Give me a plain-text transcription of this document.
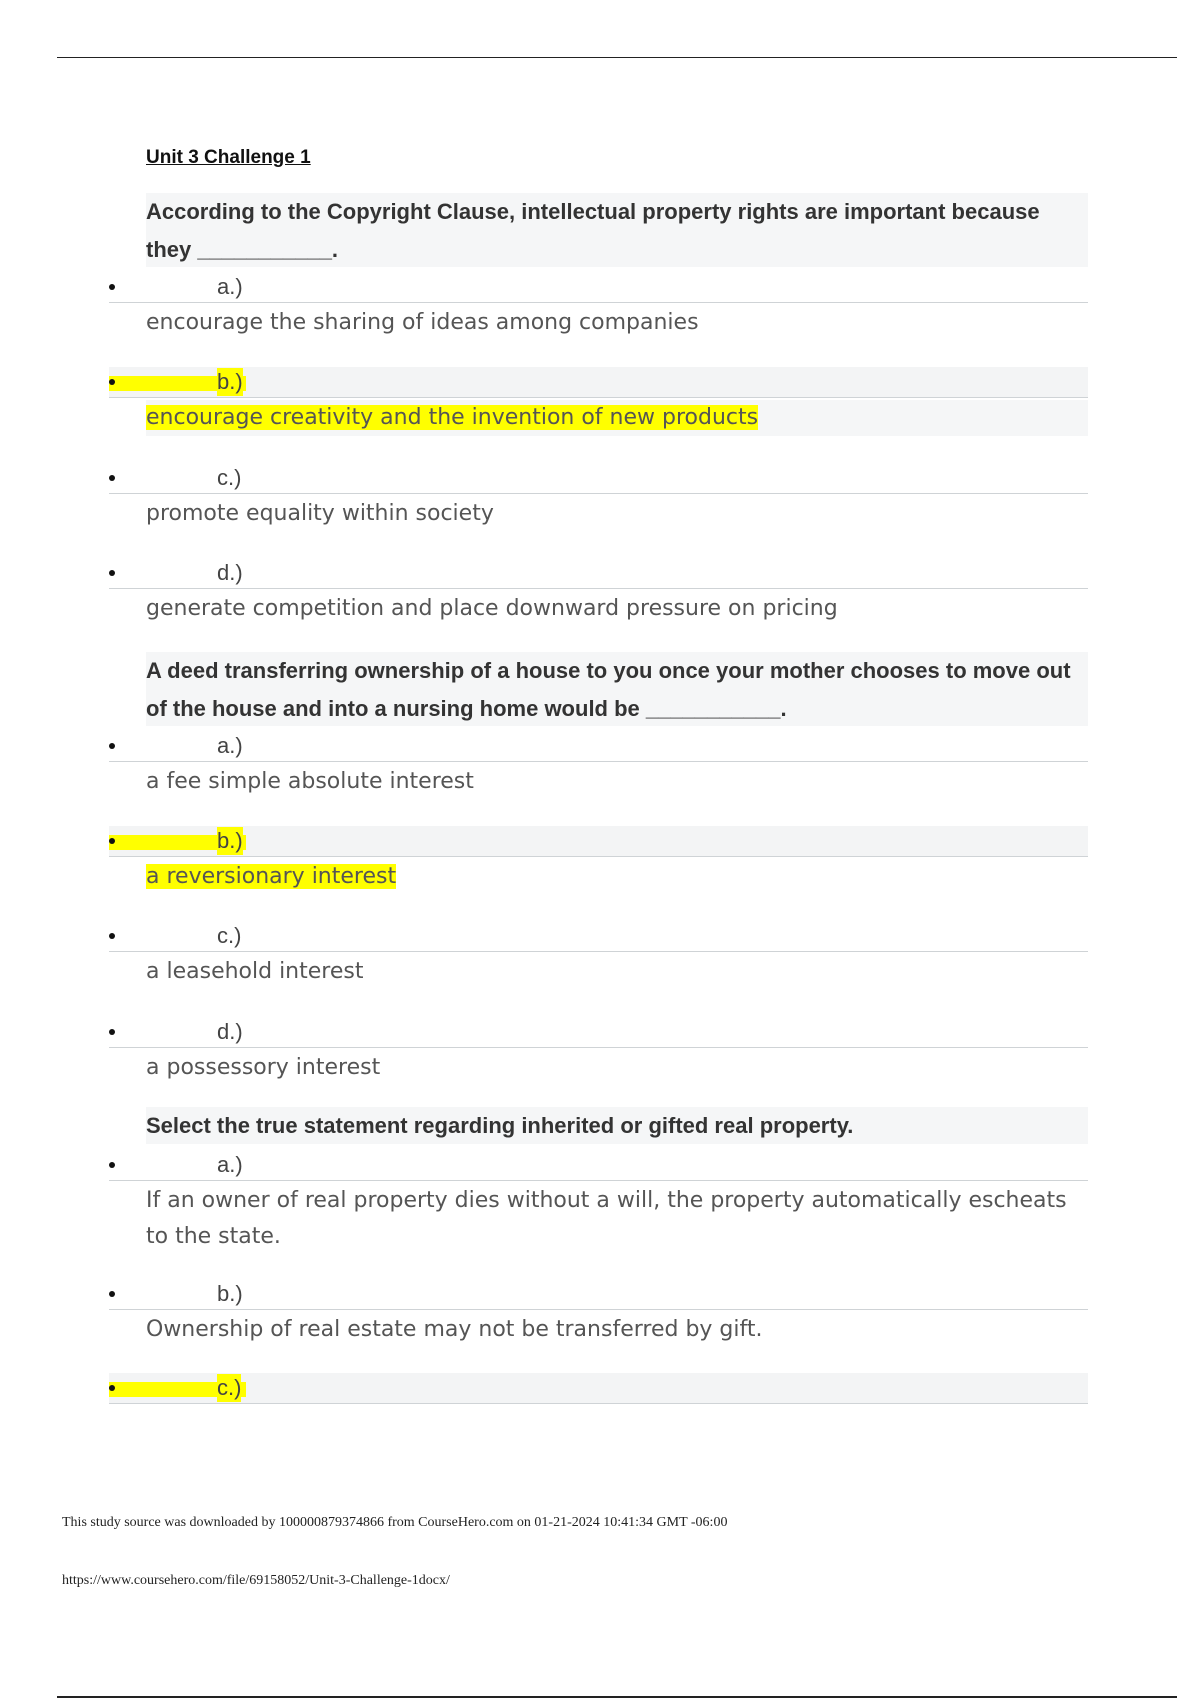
Unit 3 Challenge 1
According to the Copyright Clause, intellectual property rights are important because they ___________.
a.)
encourage the sharing of ideas among companies
b.)
encourage creativity and the invention of new products
c.)
promote equality within society
d.)
generate competition and place downward pressure on pricing
A deed transferring ownership of a house to you once your mother chooses to move out of the house and into a nursing home would be ___________.
a.)
a fee simple absolute interest
b.)
a reversionary interest
c.)
a leasehold interest
d.)
a possessory interest
Select the true statement regarding inherited or gifted real property.
a.)
If an owner of real property dies without a will, the property automatically escheats to the state.
b.)
Ownership of real estate may not be transferred by gift.
c.)
This study source was downloaded by 100000879374866 from CourseHero.com on 01-21-2024 10:41:34 GMT -06:00
https://www.coursehero.com/file/69158052/Unit-3-Challenge-1docx/
